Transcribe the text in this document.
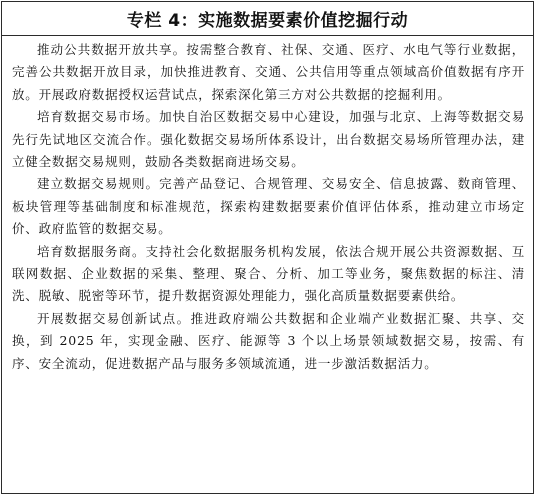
专栏 4：实施数据要素价值挖掘行动

推动公共数据开放共享。按需整合教育、社保、交通、医疗、水电气等行业数据，完善公共数据开放目录，加快推进教育、交通、公共信用等重点领域高价值数据有序开放。开展政府数据授权运营试点，探索深化第三方对公共数据的挖掘利用。

培育数据交易市场。加快自治区数据交易中心建设，加强与北京、上海等数据交易先行先试地区交流合作。强化数据交易场所体系设计，出台数据交易场所管理办法，建立健全数据交易规则，鼓励各类数据商进场交易。

建立数据交易规则。完善产品登记、合规管理、交易安全、信息披露、数商管理、板块管理等基础制度和标准规范，探索构建数据要素价值评估体系，推动建立市场定价、政府监管的数据交易。

培育数据服务商。支持社会化数据服务机构发展，依法合规开展公共资源数据、互联网数据、企业数据的采集、整理、聚合、分析、加工等业务，聚焦数据的标注、清洗、脱敏、脱密等环节，提升数据资源处理能力，强化高质量数据要素供给。

开展数据交易创新试点。推进政府端公共数据和企业端产业数据汇聚、共享、交换，到 2025 年，实现金融、医疗、能源等 3 个以上场景领域数据交易，按需、有序、安全流动，促进数据产品与服务多领域流通，进一步激活数据活力。
